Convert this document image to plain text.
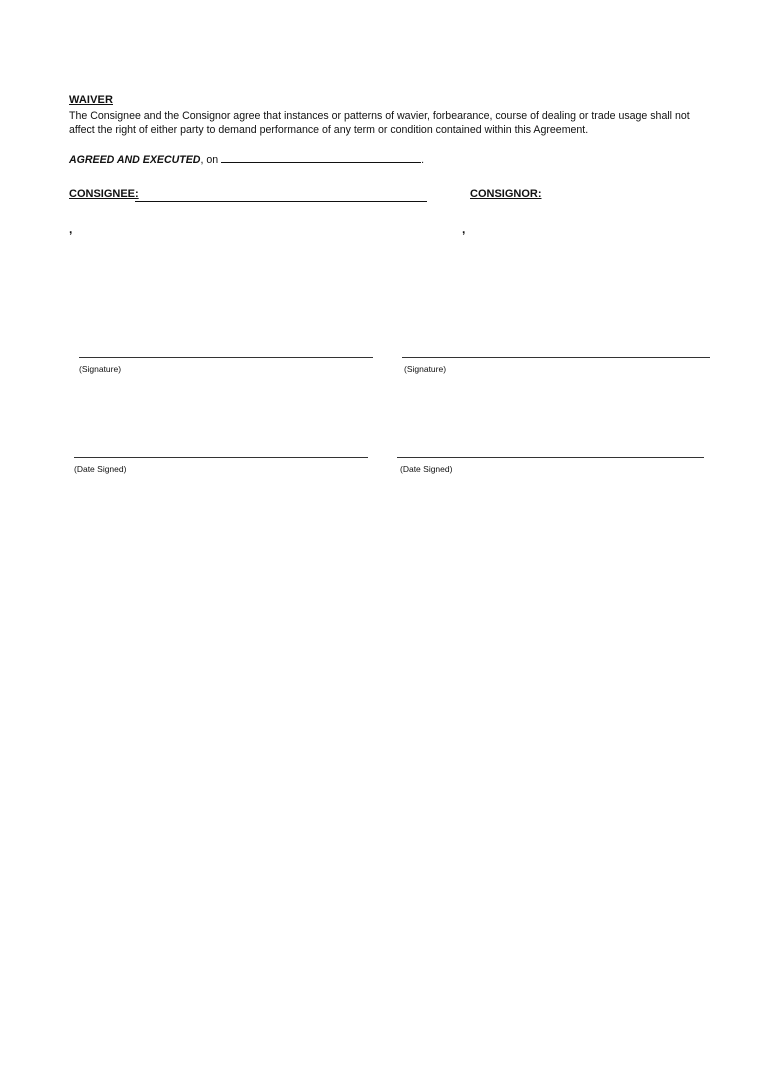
WAIVER
The Consignee and the Consignor agree that instances or patterns of wavier, forbearance, course of dealing or trade usage shall not affect the right of either party to demand performance of any term or condition contained within this Agreement.
AGREED AND EXECUTED, on	.
CONSIGNEE:	CONSIGNOR:
,	,
(Signature)	(Signature)
(Date Signed)	(Date Signed)
